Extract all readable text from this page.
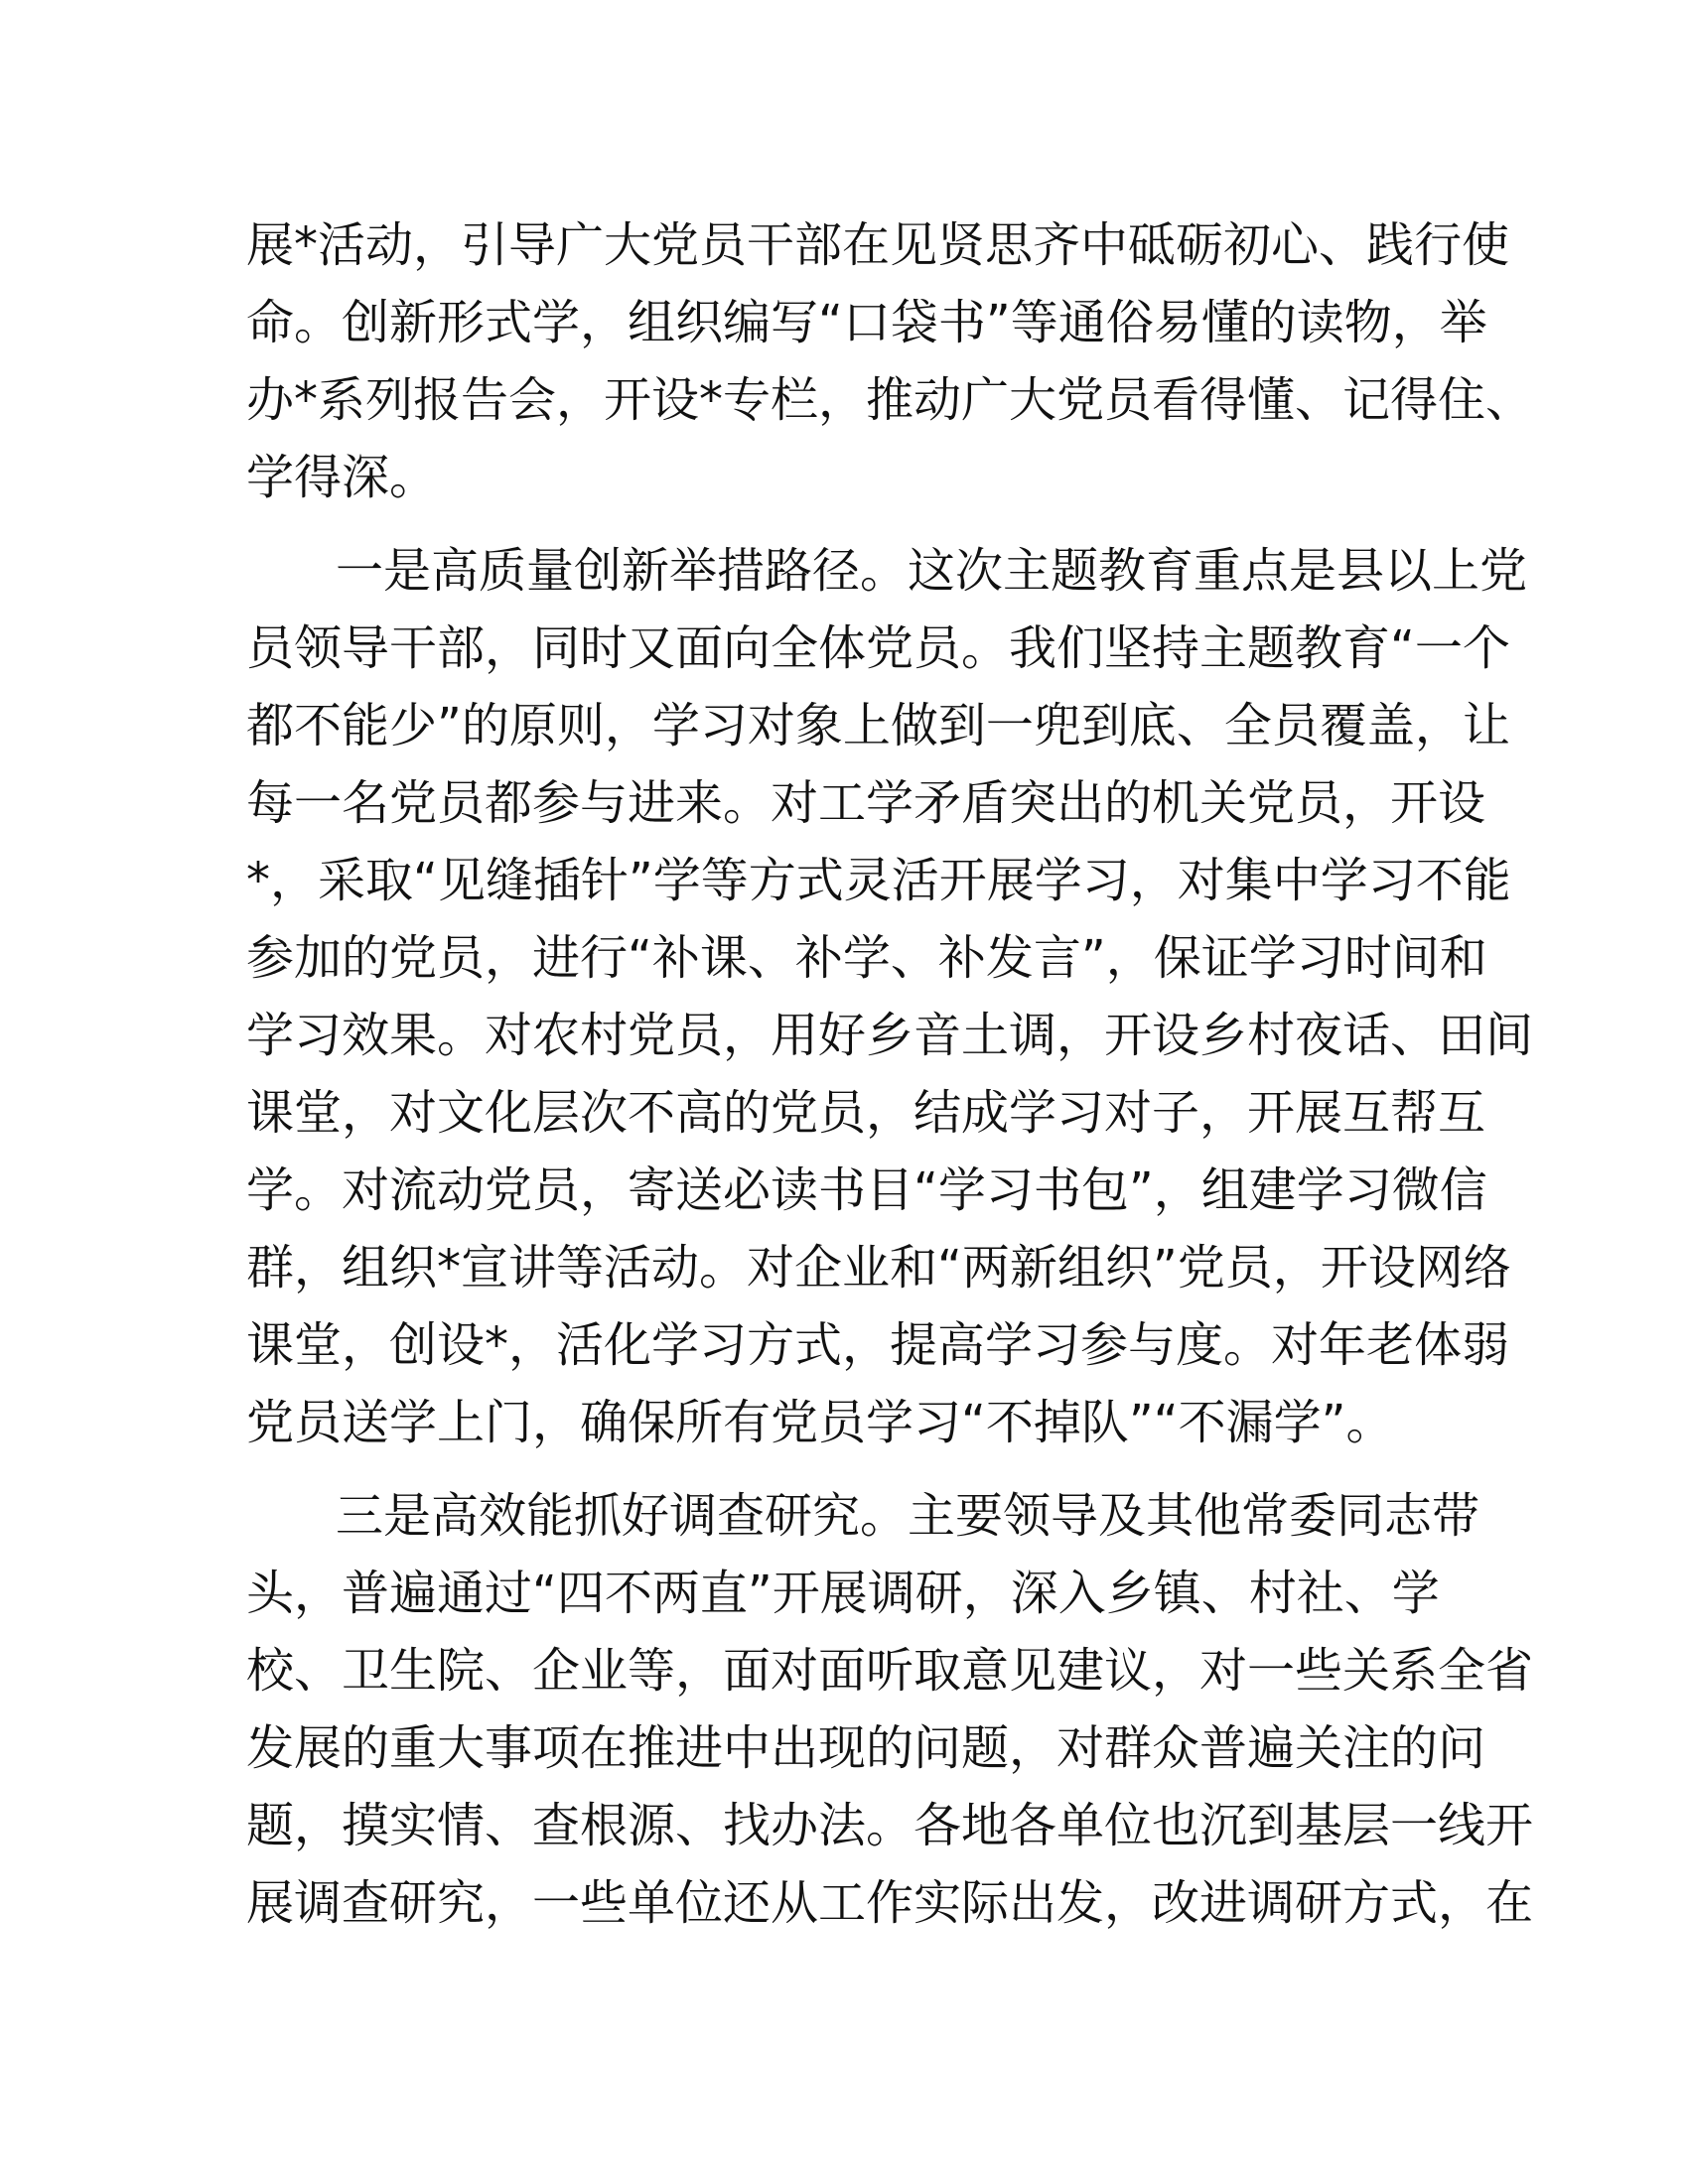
展*活动，引导广大党员干部在见贤思齐中砥砺初心、践行使
命。创新形式学，组织编写“口袋书”等通俗易懂的读物，举
办*系列报告会，开设*专栏，推动广大党员看得懂、记得住、
学得深。
一是高质量创新举措路径。这次主题教育重点是县以上党
员领导干部，同时又面向全体党员。我们坚持主题教育“一个
都不能少”的原则，学习对象上做到一兜到底、全员覆盖，让
每一名党员都参与进来。对工学矛盾突出的机关党员，开设
*，采取“见缝插针”学等方式灵活开展学习，对集中学习不能
参加的党员，进行“补课、补学、补发言”，保证学习时间和
学习效果。对农村党员，用好乡音土调，开设乡村夜话、田间
课堂，对文化层次不高的党员，结成学习对子，开展互帮互
学。对流动党员，寄送必读书目“学习书包”，组建学习微信
群，组织*宣讲等活动。对企业和“两新组织”党员，开设网络
课堂，创设*，活化学习方式，提高学习参与度。对年老体弱
党员送学上门，确保所有党员学习“不掉队”“不漏学”。
三是高效能抓好调查研究。主要领导及其他常委同志带
头，普遍通过“四不两直”开展调研，深入乡镇、村社、学
校、卫生院、企业等，面对面听取意见建议，对一些关系全省
发展的重大事项在推进中出现的问题，对群众普遍关注的问
题，摸实情、查根源、找办法。各地各单位也沉到基层一线开
展调查研究，一些单位还从工作实际出发，改进调研方式，在
